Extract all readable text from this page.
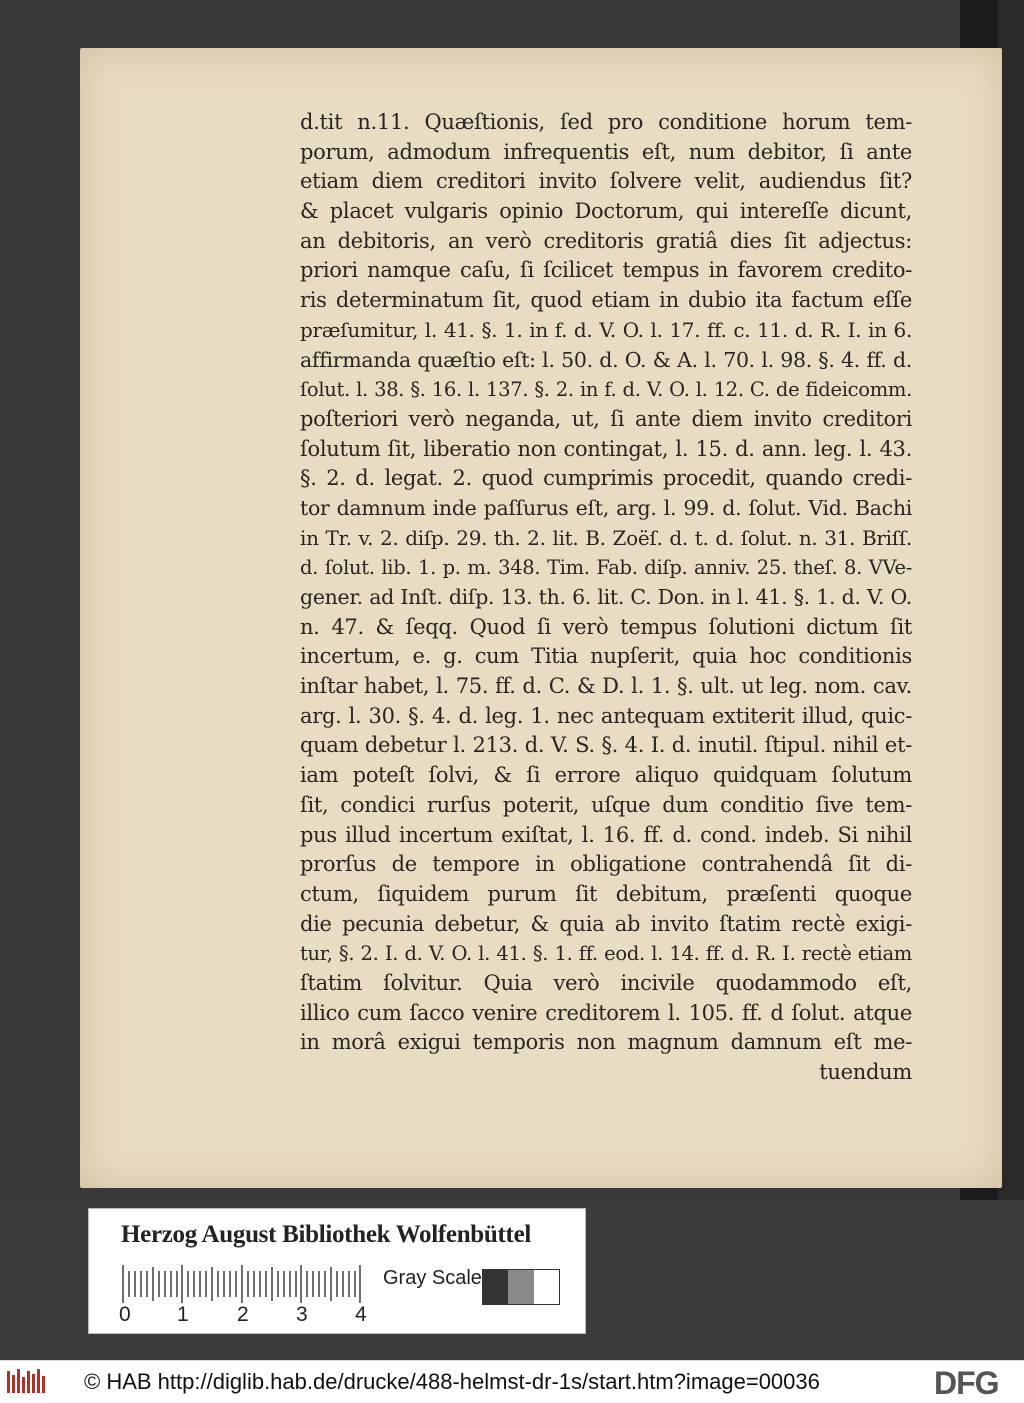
d.tit n.11. Quæſtionis, ſed pro conditione horum tem-
porum, admodum infrequentis eſt, num debitor, ſi ante
etiam diem creditori invito ſolvere velit, audiendus ſit?
& placet vulgaris opinio Doctorum, qui intereſſe dicunt,
an debitoris, an verò creditoris gratiâ dies ſit adjectus:
priori namque caſu, ſi ſcilicet tempus in favorem credito-
ris determinatum ſit, quod etiam in dubio ita factum eſſe
præſumitur, l. 41. §. 1. in f. d. V. O. l. 17. ff. c. 11. d. R. I. in 6.
affirmanda quæſtio eſt: l. 50. d. O. & A. l. 70. l. 98. §. 4. ff. d.
ſolut. l. 38. §. 16. l. 137. §. 2. in f. d. V. O. l. 12. C. de fideicomm.
poſteriori verò neganda, ut, ſi ante diem invito creditori
ſolutum ſit, liberatio non contingat, l. 15. d. ann. leg. l. 43.
§. 2. d. legat. 2. quod cumprimis procedit, quando credi-
tor damnum inde paſſurus eſt, arg. l. 99. d. ſolut. Vid. Bachi
in Tr. v. 2. diſp. 29. th. 2. lit. B. Zoëſ. d. t. d. ſolut. n. 31. Briſſ.
d. ſolut. lib. 1. p. m. 348. Tim. Fab. diſp. anniv. 25. theſ. 8. VVe-
gener. ad Inſt. diſp. 13. th. 6. lit. C. Don. in l. 41. §. 1. d. V. O.
n. 47. & ſeqq. Quod ſi verò tempus ſolutioni dictum ſit
incertum, e. g. cum Titia nupſerit, quia hoc conditionis
inſtar habet, l. 75. ff. d. C. & D. l. 1. §. ult. ut leg. nom. cav.
arg. l. 30. §. 4. d. leg. 1. nec antequam extiterit illud, quic-
quam debetur l. 213. d. V. S. §. 4. I. d. inutil. ſtipul. nihil et-
iam poteſt ſolvi, & ſi errore aliquo quidquam ſolutum
ſit, condici rurſus poterit, uſque dum conditio ſive tem-
pus illud incertum exiſtat, l. 16. ff. d. cond. indeb. Si nihil
prorſus de tempore in obligatione contrahendâ ſit di-
ctum, ſiquidem purum ſit debitum, præſenti quoque
die pecunia debetur, & quia ab invito ſtatim rectè exigi-
tur, §. 2. I. d. V. O. l. 41. §. 1. ff. eod. l. 14. ff. d. R. I. rectè etiam
ſtatim ſolvitur. Quia verò incivile quodammodo eſt,
illico cum ſacco venire creditorem l. 105. ff. d ſolut. atque
in morâ exigui temporis non magnum damnum eſt me-
tuendum
Herzog August Bibliothek Wolfenbüttel
0 1 2 3 4
Gray Scale
© HAB http://diglib.hab.de/drucke/488-helmst-dr-1s/start.htm?image=00036	DFG
